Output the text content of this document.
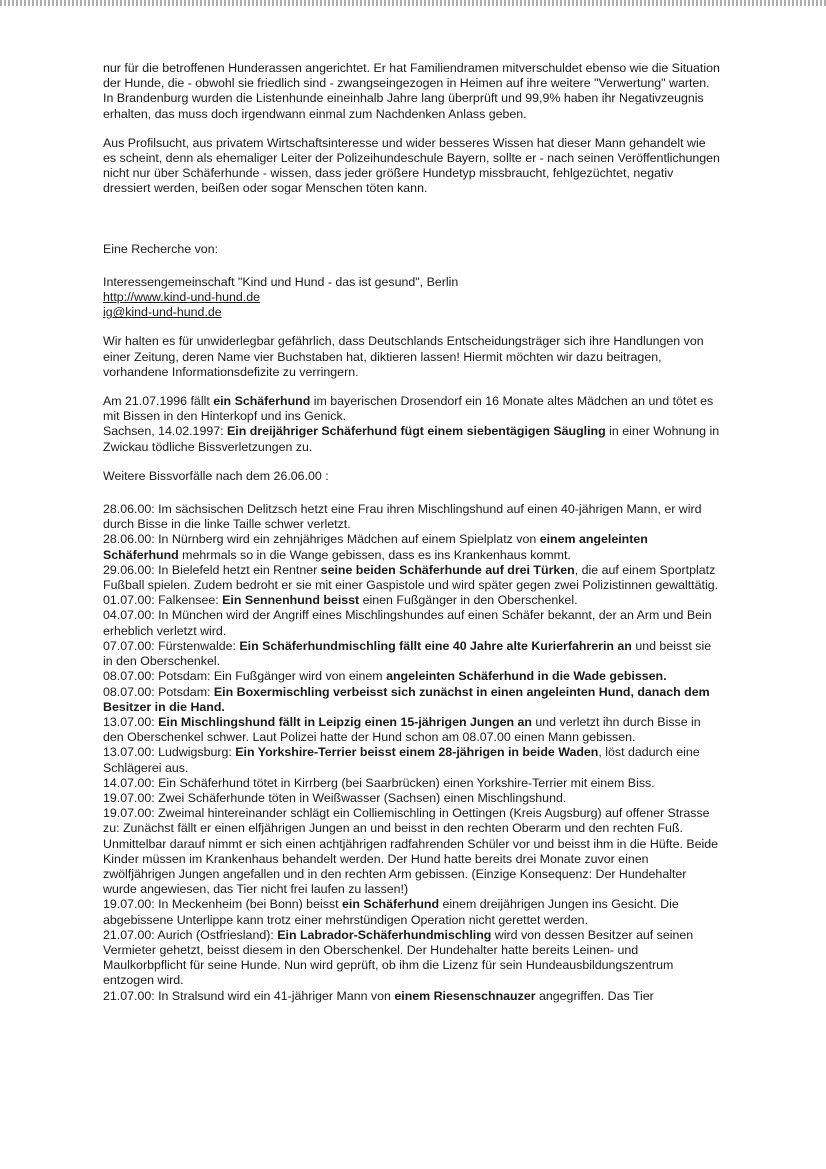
nur für die betroffenen Hunderassen angerichtet. Er hat Familiendramen mitverschuldet ebenso wie die Situation der Hunde, die - obwohl sie friedlich sind - zwangseingezogen in Heimen auf ihre weitere "Verwertung" warten. In Brandenburg wurden die Listenhunde eineinhalb Jahre lang überprüft und 99,9% haben ihr Negativzeugnis erhalten, das muss doch irgendwann einmal zum Nachdenken Anlass geben.

Aus Profilsucht, aus privatem Wirtschaftsinteresse und wider besseres Wissen hat dieser Mann gehandelt wie es scheint, denn als ehemaliger Leiter der Polizeihundeschule Bayern, sollte er - nach seinen Veröffentlichungen nicht nur über Schäferhunde - wissen, dass jeder größere Hundetyp missbraucht, fehlgezüchtet, negativ dressiert werden, beißen oder sogar Menschen töten kann.

Eine Recherche von:

Interessengemeinschaft "Kind und Hund - das ist gesund", Berlin

http://www.kind-und-hund.de

ig@kind-und-hund.de

Wir halten es für unwiderlegbar gefährlich, dass Deutschlands Entscheidungsträger sich ihre Handlungen von einer Zeitung, deren Name vier Buchstaben hat, diktieren lassen! Hiermit möchten wir dazu beitragen, vorhandene Informationsdefizite zu verringern.

Am 21.07.1996 fällt ein Schäferhund im bayerischen Drosendorf ein 16 Monate altes Mädchen an und tötet es mit Bissen in den Hinterkopf und ins Genick.

Sachsen, 14.02.1997: Ein dreijähriger Schäferhund fügt einem siebentägigen Säugling in einer Wohnung in Zwickau tödliche Bissverletzungen zu.

Weitere Bissvorfälle nach dem 26.06.00 :

28.06.00: Im sächsischen Delitzsch hetzt eine Frau ihren Mischlingshund auf einen 40-jährigen Mann, er wird durch Bisse in die linke Taille schwer verletzt.

28.06.00: In Nürnberg wird ein zehnjähriges Mädchen auf einem Spielplatz von einem angeleinten Schäferhund mehrmals so in die Wange gebissen, dass es ins Krankenhaus kommt.

29.06.00: In Bielefeld hetzt ein Rentner seine beiden Schäferhunde auf drei Türken, die auf einem Sportplatz Fußball spielen. Zudem bedroht er sie mit einer Gaspistole und wird später gegen zwei Polizistinnen gewalttätig.

01.07.00: Falkensee: Ein Sennenhund beisst einen Fußgänger in den Oberschenkel.

04.07.00: In München wird der Angriff eines Mischlingshundes auf einen Schäfer bekannt, der an Arm und Bein erheblich verletzt wird.

07.07.00: Fürstenwalde: Ein Schäferhundmischling fällt eine 40 Jahre alte Kurierfahrerin an und beisst sie in den Oberschenkel.

08.07.00: Potsdam: Ein Fußgänger wird von einem angeleinten Schäferhund in die Wade gebissen.

08.07.00: Potsdam: Ein Boxermischling verbeisst sich zunächst in einen angeleinten Hund, danach dem Besitzer in die Hand.

13.07.00: Ein Mischlingshund fällt in Leipzig einen 15-jährigen Jungen an und verletzt ihn durch Bisse in den Oberschenkel schwer. Laut Polizei hatte der Hund schon am 08.07.00 einen Mann gebissen.

13.07.00: Ludwigsburg: Ein Yorkshire-Terrier beisst einem 28-jährigen in beide Waden, löst dadurch eine Schlägerei aus.

14.07.00: Ein Schäferhund tötet in Kirrberg (bei Saarbrücken) einen Yorkshire-Terrier mit einem Biss.

19.07.00: Zwei Schäferhunde töten in Weißwasser (Sachsen) einen Mischlingshund.

19.07.00: Zweimal hintereinander schlägt ein Colliemischling in Oettingen (Kreis Augsburg) auf offener Strasse zu: Zunächst fällt er einen elfjährigen Jungen an und beisst in den rechten Oberarm und den rechten Fuß. Unmittelbar darauf nimmt er sich einen achtjährigen radfahrenden Schüler vor und beisst ihm in die Hüfte. Beide Kinder müssen im Krankenhaus behandelt werden. Der Hund hatte bereits drei Monate zuvor einen zwölfjährigen Jungen angefallen und in den rechten Arm gebissen. (Einzige Konsequenz: Der Hundehalter wurde angewiesen, das Tier nicht frei laufen zu lassen!)

19.07.00: In Meckenheim (bei Bonn) beisst ein Schäferhund einem dreijährigen Jungen ins Gesicht. Die abgebissene Unterlippe kann trotz einer mehrstündigen Operation nicht gerettet werden.

21.07.00: Aurich (Ostfriesland): Ein Labrador-Schäferhundmischling wird von dessen Besitzer auf seinen Vermieter gehetzt, beisst diesem in den Oberschenkel. Der Hundehalter hatte bereits Leinen- und Maulkorbpflicht für seine Hunde. Nun wird geprüft, ob ihm die Lizenz für sein Hundeausbildungszentrum entzogen wird.

21.07.00: In Stralsund wird ein 41-jähriger Mann von einem Riesenschnauzer angegriffen. Das Tier
